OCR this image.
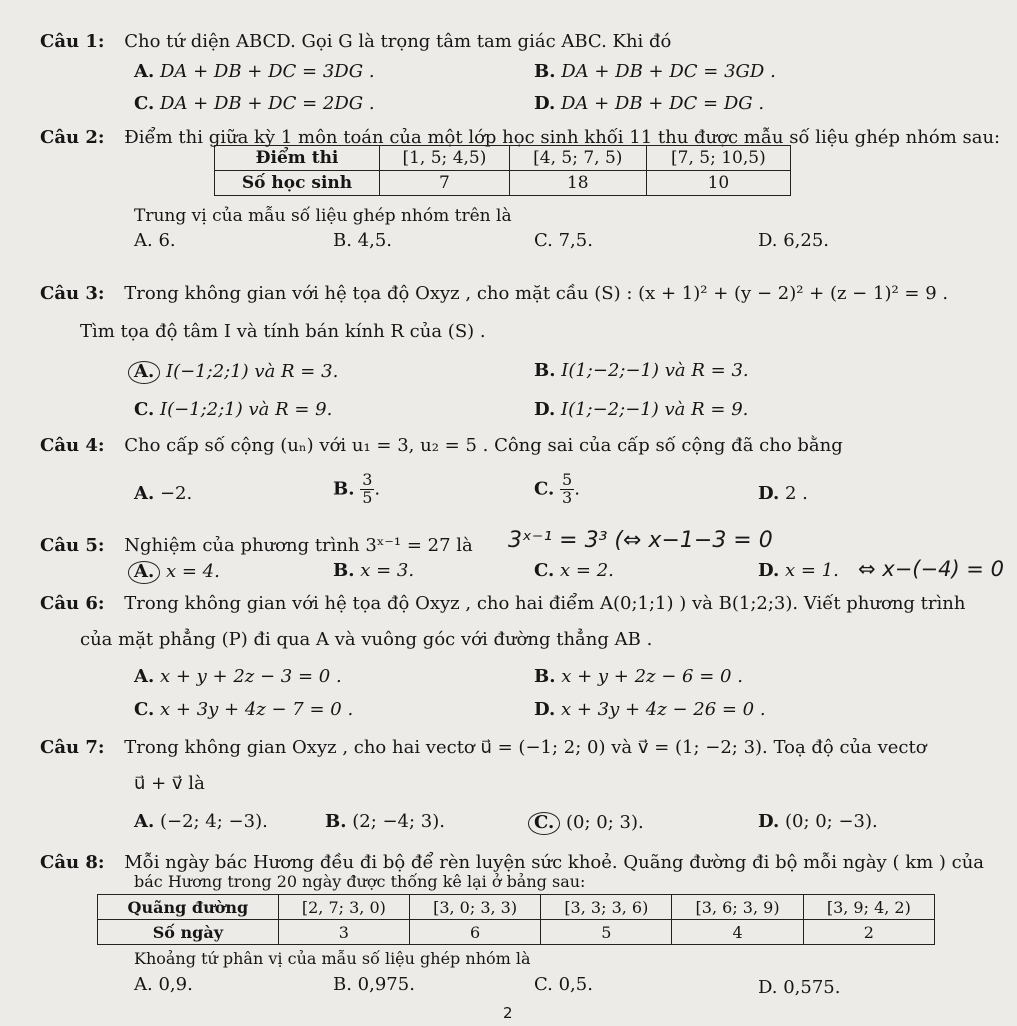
Câu 1: Cho tứ diện ABCD. Gọi G là trọng tâm tam giác ABC. Khi đó
A. DA + DB + DC = 3DG .	B. DA + DB + DC = 3GD .
C. DA + DB + DC = 2DG .	D. DA + DB + DC = DG .
Câu 2: Điểm thi giữa kỳ 1 môn toán của một lớp học sinh khối 11 thu được mẫu số liệu ghép nhóm sau:
Điểm thi	[1, 5; 4,5)	[4, 5; 7, 5)	[7, 5; 10,5)
Số học sinh	7	18	10
Trung vị của mẫu số liệu ghép nhóm trên là
A. 6.	B. 4,5.	C. 7,5.	D. 6,25.
Câu 3: Trong không gian với hệ tọa độ Oxyz , cho mặt cầu (S) : (x + 1)² + (y − 2)² + (z − 1)² = 9 .
Tìm tọa độ tâm I và tính bán kính R của (S) .
A. I(−1;2;1) và R = 3.	B. I(1;−2;−1) và R = 3.
C. I(−1;2;1) và R = 9.	D. I(1;−2;−1) và R = 9.
Câu 4: Cho cấp số cộng (uₙ) với u₁ = 3, u₂ = 5 . Công sai của cấp số cộng đã cho bằng
A. −2.	B. $\frac{3}{5}$ .	C. $\frac{5}{3}$ .	D. 2 .
Câu 5: Nghiệm của phương trình 3ˣ⁻¹ = 27 là 3ˣ⁻¹ = 3³ (⇔ x−1−3 = 0
A. x = 4.	B. x = 3.	C. x = 2.	D. x = 1. ⇔ x−(−4) = 0
Câu 6: Trong không gian với hệ tọa độ Oxyz , cho hai điểm A(0;1;1) ) và B(1;2;3). Viết phương trình
của mặt phẳng (P) đi qua A và vuông góc với đường thẳng AB .
A. x + y + 2z − 3 = 0 .	B. x + y + 2z − 6 = 0 .
C. x + 3y + 4z − 7 = 0 .	D. x + 3y + 4z − 26 = 0 .
Câu 7: Trong không gian Oxyz , cho hai vectơ u⃗ = (−1; 2; 0) và v⃗ = (1; −2; 3). Toạ độ của vectơ
u⃗ + v⃗ là
A. (−2; 4; −3).	B. (2; −4; 3).	C. (0; 0; 3).	D. (0; 0; −3).
Câu 8: Mỗi ngày bác Hương đều đi bộ để rèn luyện sức khoẻ. Quãng đường đi bộ mỗi ngày ( km ) của
bác Hương trong 20 ngày được thống kê lại ở bảng sau:
Quãng đường	[2, 7; 3, 0)	[3, 0; 3, 3)	[3, 3; 3, 6)	[3, 6; 3, 9)	[3, 9; 4, 2)
Số ngày	3	6	5	4	2
Khoảng tứ phân vị của mẫu số liệu ghép nhóm là
A. 0,9.	B. 0,975.	C. 0,5.	D. 0,575.
2
